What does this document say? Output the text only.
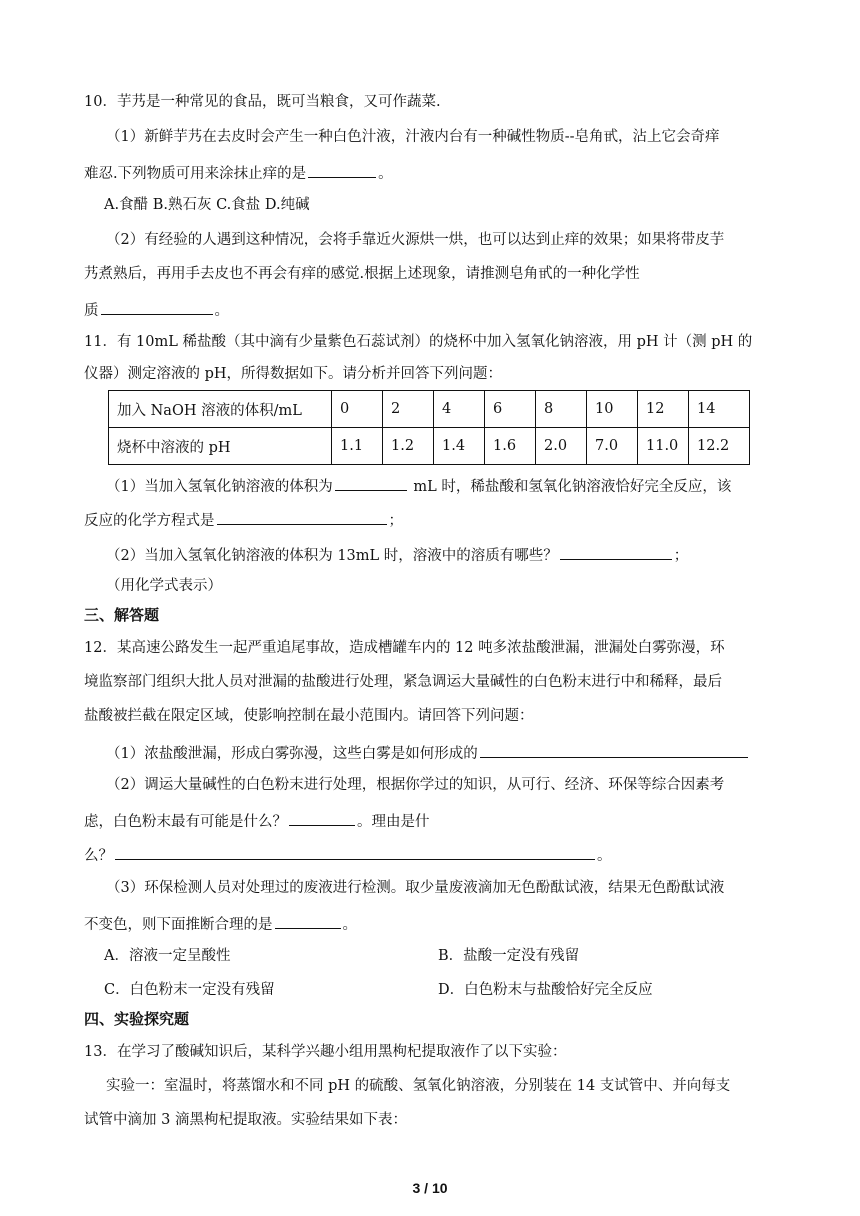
10．芋艿是一种常见的食品，既可当粮食，又可作蔬菜.
（1）新鲜芋艿在去皮时会产生一种白色汁液，汁液内台有一种碱性物质--皂角甙，沾上它会奇痒
难忍.下列物质可用来涂抹止痒的是	。
A.食醋 B.熟石灰 C.食盐 D.纯碱
（2）有经验的人遇到这种情况，会将手靠近火源烘一烘，也可以达到止痒的效果；如果将带皮芋
艿煮熟后，再用手去皮也不再会有痒的感觉.根据上述现象，请推测皂角甙的一种化学性
质	。
11．有 10mL 稀盐酸（其中滴有少量紫色石蕊试剂）的烧杯中加入氢氧化钠溶液，用 pH 计（测 pH 的
仪器）测定溶液的 pH，所得数据如下。请分析并回答下列问题：
加入 NaOH 溶液的体积/mL	0	2	4	6	8	10	12	14
烧杯中溶液的 pH	1.1	1.2	1.4	1.6	2.0	7.0	11.0	12.2
（1）当加入氢氧化钠溶液的体积为	mL 时，稀盐酸和氢氧化钠溶液恰好完全反应，该
反应的化学方程式是	；
（2）当加入氢氧化钠溶液的体积为 13mL 时，溶液中的溶质有哪些？	；
（用化学式表示）
三、解答题
12．某高速公路发生一起严重追尾事故，造成槽罐车内的 12 吨多浓盐酸泄漏，泄漏处白雾弥漫，环
境监察部门组织大批人员对泄漏的盐酸进行处理，紧急调运大量碱性的白色粉末进行中和稀释，最后
盐酸被拦截在限定区域，使影响控制在最小范围内。请回答下列问题：
（1）浓盐酸泄漏，形成白雾弥漫，这些白雾是如何形成的
（2）调运大量碱性的白色粉末进行处理，根据你学过的知识，从可行、经济、环保等综合因素考
虑，白色粉末最有可能是什么？	。理由是什
么？	。
（3）环保检测人员对处理过的废液进行检测。取少量废液滴加无色酚酞试液，结果无色酚酞试液
不变色，则下面推断合理的是	。
A．溶液一定呈酸性	B．盐酸一定没有残留
C．白色粉末一定没有残留	D．白色粉末与盐酸恰好完全反应
四、实验探究题
13．在学习了酸碱知识后，某科学兴趣小组用黑枸杞提取液作了以下实验：
实验一：室温时，将蒸馏水和不同 pH 的硫酸、氢氧化钠溶液，分别装在 14 支试管中、并向每支
试管中滴加 3 滴黑枸杞提取液。实验结果如下表：
3 / 10
